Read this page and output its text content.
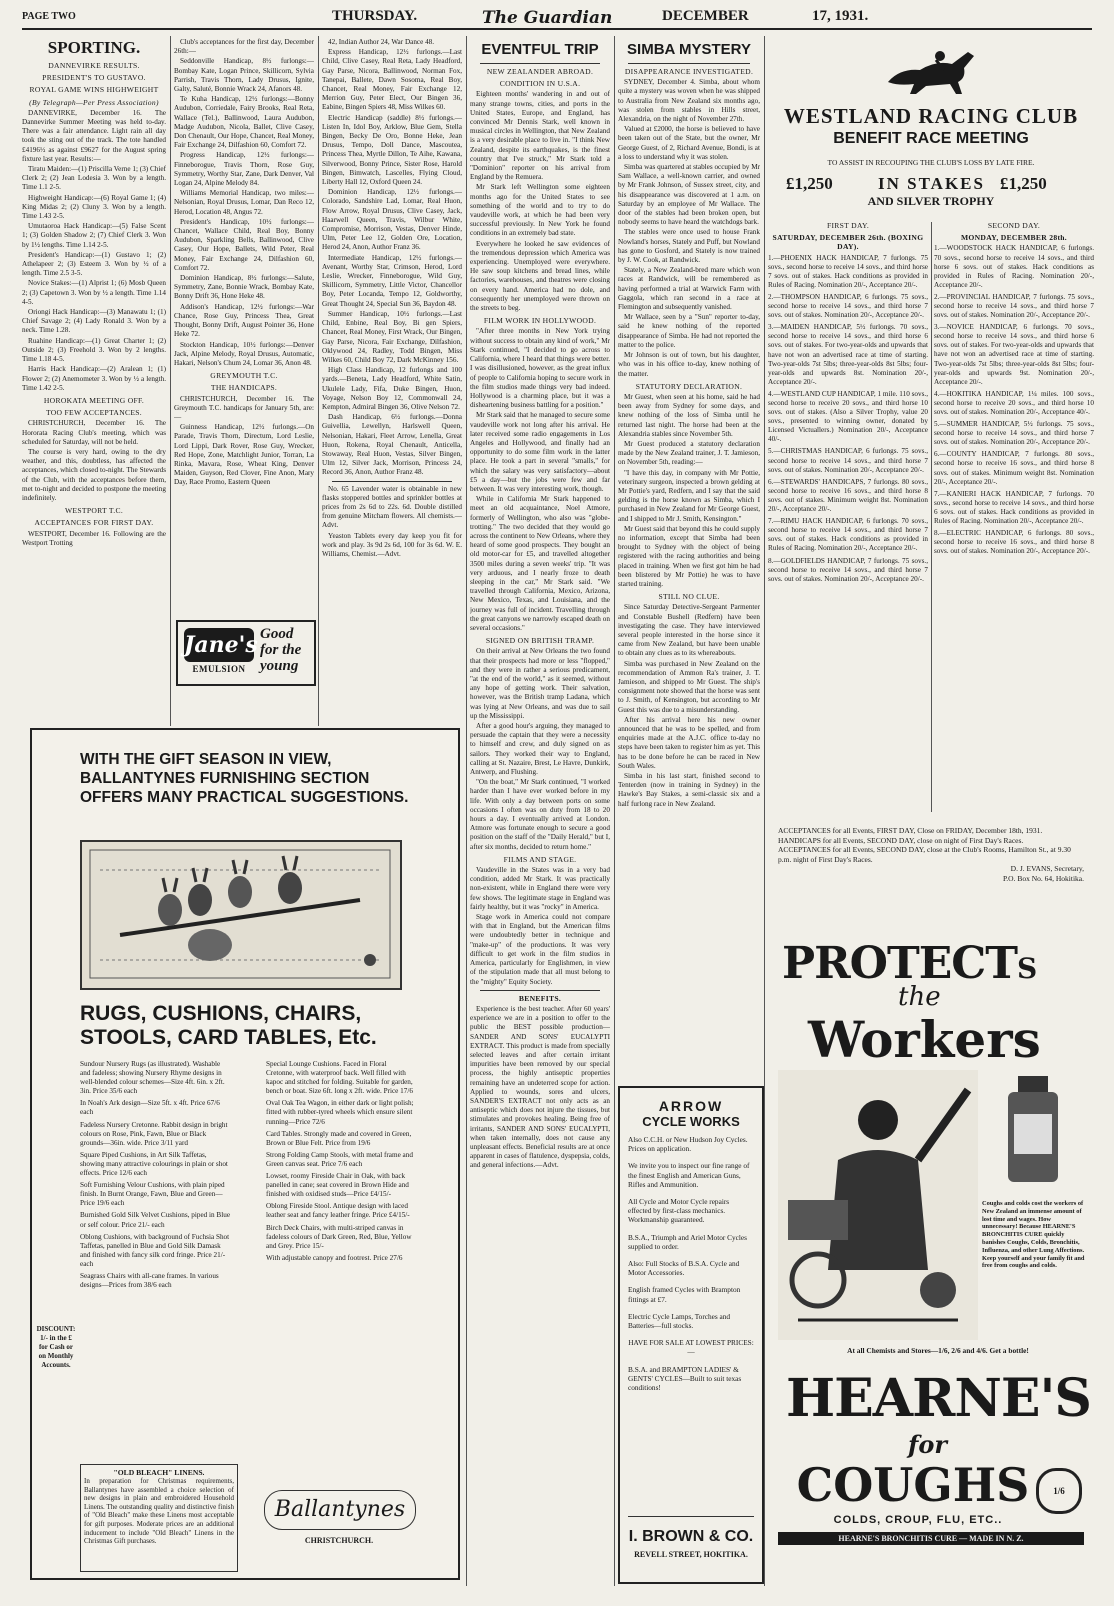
PAGE TWO	THURSDAY.	The Guardian	DECEMBER	17, 1931.
SPORTING.
DANNEVIRKE RESULTS.
PRESIDENT'S TO GUSTAVO.
ROYAL GAME WINS HIGHWEIGHT
(By Telegraph—Per Press Association)

DANNEVIRKE, December 16. The Dannevirke Summer Meeting was held to-day. There was a fair attendance. Light rain all day took the sting out of the track. The tote handled £4196½ as against £9627 for the August spring fixture last year. Results:—

Tiratu Maiden:—(1) Priscilla Verne 1; (3) Chief Clerk 2; (2) Jean Lodesia 3. Won by a length. Time 1.1 2-5.

Highweight Handicap:—(6) Royal Game 1; (4) King Midas 2; (2) Cluny 3. Won by a length. Time 1.43 2-5.

Umutaoroa Hack Handicap:—(5) False Scent 1; (3) Golden Shadow 2; (7) Chief Clerk 3. Won by 1½ lengths. Time 1.14 2-5.

President's Handicap:—(1) Gustavo 1; (2) Athelapeer 2; (3) Esteem 3. Won by ½ of a length. Time 2.5 3-5.

Novice Stakes:—(1) Alprist 1; (6) Mosb Queen 2; (3) Capetown 3. Won by ½ a length. Time 1.14 4-5.

Oriongi Hack Handicap:—(3) Manawatu 1; (1) Chief Savage 2; (4) Lady Ronald 3. Won by a neck. Time 1.28.

Ruahine Handicap:—(1) Great Charter 1; (2) Outside 2; (3) Freehold 3. Won by 2 lengths. Time 1.18 4-5.

Harris Hack Handicap:—(2) Aralean 1; (1) Flower 2; (2) Anemometer 3. Won by ½ a length. Time 1.42 2-5.

HOROKATA MEETING OFF.
TOO FEW ACCEPTANCES.

CHRISTCHURCH, December 16. The Hororata Racing Club's meeting, which was scheduled for Saturday, will not be held.

The course is very hard, owing to the dry weather, and this, doubtless, has affected the acceptances, which closed to-night. The Stewards of the Club, with the acceptances before them, met to-night and decided to postpone the meeting indefinitely.

WESTPORT T.C.
ACCEPTANCES FOR FIRST DAY.

WESTPORT, December 16. Following are the Westport Trotting

Club's acceptances for the first day, December 26th:—

Seddonville Handicap, 8½ furlongs:—Bombay Kate, Logan Prince, Skillicorn, Sylvia Parrish, Travis Thorn, Lady Drusus, Ignite, Galty, Saluté, Bonnie Wrack 24, Afanors 48.

Te Kuha Handicap, 12½ furlongs:—Bonny Audubon, Corriedale, Fairy Brooks, Real Reta, Wallace (Tel.), Ballinwood, Laura Audubon, Madge Audubon, Nicola, Ballet, Clive Casey, Don Chenault, Our Hope, Chancet, Real Money, Fair Exchange 24, Dilfashion 60, Comfort 72.

Progress Handicap, 12½ furlongs:—Finneborogue, Travis Thorn, Rose Guy, Symmetry, Worthy Star, Zane, Dark Denver, Val Logan 24, Alpine Melody 84.

Williams Memorial Handicap, two miles:—Nelsonian, Royal Drusus, Lomar, Dan Reco 12, Herod, Location 48, Angus 72.

President's Handicap, 10½ furlongs:—Chancet, Wallace Child, Real Boy, Bonny Audubon, Sparkling Bells, Ballinwood, Clive Casey, Our Hope, Ballets, Wild Peter, Real Money, Fair Exchange 24, Dilfashion 60, Comfort 72.

Dominion Handicap, 8½ furlongs:—Salute, Symmetry, Zane, Bonnie Wrack, Bombay Kate, Bonny Drift 36, Hone Heke 48.

Addison's Handicap, 12½ furlongs:—War Chance, Rose Guy, Princess Thea, Great Thought, Bonny Drift, August Pointer 36, Hone Heke 72.

Stockton Handicap, 10½ furlongs:—Denver Jack, Alpine Melody, Royal Drusus, Automatic, Hakari, Nelson's Chum 24, Lomar 36, Anon 48.

GREYMOUTH T.C.
THE HANDICAPS.

CHRISTCHURCH, December 16. The Greymouth T.C. handicaps for January 5th, are:—

Guinness Handicap, 12½ furlongs.—On Parade, Travis Thorn, Directum, Lord Leslie, Lord Lippi, Dark Rover, Rose Guy, Wrecker, Red Hope, Zone, Matchlight Junior, Torran, La Rinka, Mavara, Rose, Wheat King, Denver Maiden, Guyson, Red Clover, Fine Anon, Mary Day, Race Promo, Eastern Queen

Jane's
EMULSION
Good
for the
young

42, Indian Author 24, War Dance 48.

Express Handicap, 12½ furlongs.—Last Child, Clive Casey, Real Reta, Lady Headford, Gay Parse, Nicora, Ballinwood, Norman Fox, Tanepai, Ballete, Dawn Sosoma, Real Boy, Chancet, Real Money, Fair Exchange 12, Merrion Guy, Peter Elect, Our Bingen 36, Eabine, Bingen Spiers 48, Miss Wilkes 60.

Electric Handicap (saddle) 8½ furlongs.—Listen In, Idol Boy, Arklow, Blue Gem, Stella Bingen, Becky De Oro, Bonne Heke, Jean Drusus, Tempo, Doll Dance, Mascoutea, Princess Thea, Myrtle Dillon, Te Aihe, Kawana, Silverwood, Bonny Prince, Sister Rose, Harold Bingen, Bimwatch, Lascelles, Flying Cloud, Liberty Hall 12, Oxford Queen 24.

Dominion Handicap, 12½ furlongs.—Colorado, Sandshire Lad, Lomar, Real Huon, Flow Arrow, Royal Drusus, Clive Casey, Jack, Haarwell Queen, Travis, Wilbur White, Compromise, Morrison, Vestas, Denver Hinde, Ulm, Peter Lee 12, Golden Ore, Location, Herod 24, Anon, Author Franz 36.

Intermediate Handicap, 12½ furlongs.—Avenant, Worthy Star, Crimson, Herod, Lord Leslie, Wrecker, Finneborogue, Wild Guy, Skillicorn, Symmetry, Little Victor, Chancellor Boy, Peter Locanda, Tempo 12, Goldworthy, Great Thought 24, Special Sun 36, Baydon 48.

Summer Handicap, 10½ furlongs.—Last Child, Enbine, Real Boy, Bi gen Spiers, Chancet, Real Money, First Wrack, Our Bingen, Gay Parse, Nicora, Fair Exchange, Dilfashion, Oklywood 24, Radley, Todd Bingen, Miss Wilkes 60, Child Boy 72, Dark McKinney 156.

High Class Handicap, 12 furlongs and 100 yards.—Beneta, Lady Headford, White Satin, Ukulele Lady, Fifa, Duke Bingen, Huon, Voyage, Nelson Boy 12, Commonwall 24, Kempton, Admiral Bingen 36, Olive Nelson 72.

Dash Handicap, 6½ furlongs.—Donna Guivellia, Lewellyn, Harlswell Queen, Nelsonian, Hakari, Fleet Arrow, Lenella, Great Huon, Rokena, Royal Chenault, Anticella, Stowaway, Real Huon, Vestas, Silver Bingen, Ulm 12, Silver Jack, Morrison, Princess 24, Record 36, Anon, Author Franz 48.

No. 65 Lavender water is obtainable in new flasks stoppered bottles and sprinkler bottles at prices from 2s 6d to 22s. 6d. Double distilled from genuine Mitcham flowers. All chemists.—Advt.

Yeaston Tablets every day keep you fit for work and play. 3s 9d 2s 6d, 100 for 3s 6d. W. E. Williams, Chemist.—Advt.

WITH THE GIFT SEASON IN VIEW, BALLANTYNES FURNISHING SECTION OFFERS MANY PRACTICAL SUGGESTIONS.
RUGS, CUSHIONS, CHAIRS, STOOLS, CARD TABLES, Etc.
Sundour Nursery Rugs (as illustrated). Washable and fadeless; showing Nursery Rhyme designs in well-blended colour schemes—Size 4ft. 6in. x 2ft. 3in. Price 35/6 each
In Noah's Ark design—Size 5ft. x 4ft. Price 67/6 each
Fadeless Nursery Cretonne. Rabbit design in bright colours on Rose, Pink, Fawn, Blue or Black grounds—36in. wide. Price 3/11 yard
Square Piped Cushions, in Art Silk Taffetas, showing many attractive colourings in plain or shot effects. Price 12/6 each
Soft Furnishing Velour Cushions, with plain piped finish. In Burnt Orange, Fawn, Blue and Green—Price 19/6 each
Burnished Gold Silk Velvet Cushions, piped in Blue or self colour. Price 21/- each
Oblong Cushions, with background of Fuchsia Shot Taffetas, panelled in Blue and Gold Silk Damask and finished with fancy silk cord fringe. Price 21/- each
Seagrass Chairs with all-cane frames. In various designs—Prices from 38/6 each
DISCOUNT: 1/- in the £ for Cash or on Monthly Accounts.
Special Lounge Cushions. Faced in Floral Cretonne, with waterproof back. Well filled with kapoc and stitched for folding. Suitable for garden, bench or boat. Size 6ft. long x 2ft. wide. Price 17/6
Oval Oak Tea Wagon, in either dark or light polish; fitted with rubber-tyred wheels which ensure silent running—Price 72/6
Card Tables. Strongly made and covered in Green, Brown or Blue Felt. Price from 19/6
Strong Folding Camp Stools, with metal frame and Green canvas seat. Price 7/6 each
Lowset, roomy Fireside Chair in Oak, with back panelled in cane; seat covered in Brown Hide and finished with oxidised studs—Price £4/15/-
Oblong Fireside Stool. Antique design with laced leather seat and fancy leather fringe. Price £4/15/-
Birch Deck Chairs, with multi-striped canvas in fadeless colours of Dark Green, Red, Blue, Yellow and Grey. Price 15/-
With adjustable canopy and footrest. Price 27/6
"OLD BLEACH" LINENS.
In preparation for Christmas requirements, Ballantynes have assembled a choice selection of new designs in plain and embroidered Household Linens. The outstanding quality and distinctive finish of "Old Bleach" make these Linens most acceptable for gift purposes. Moderate prices are an additional inducement to include "Old Bleach" Linens in the Christmas Gift purchases.
Ballantynes
CHRISTCHURCH.
EVENTFUL TRIP
NEW ZEALANDER ABROAD.
CONDITION IN U.S.A.

Eighteen months' wandering in and out of many strange towns, cities, and ports in the United States, Europe, and England, has convinced Mr Dennis Stark, well known in musical circles in Wellington, that New Zealand is a very desirable place to live in. "I think New Zealand, despite its earthquakes, is the finest country that I've struck," Mr Stark told a "Dominion" reporter on his arrival from England by the Remuera.

Mr Stark left Wellington some eighteen months ago for the United States to see something of the world and to try to do vaudeville work, at which he had been very successful previously. In New York he found conditions in an extremely bad state.

Everywhere he looked he saw evidences of the tremendous depression which America was experiencing. Unemployed were everywhere. He saw soup kitchens and bread lines, while factories, warehouses, and theatres were closing on every hand. America had no dole, and consequently her unemployed were thrown on the streets to beg.

FILM WORK IN HOLLYWOOD.

"After three months in New York trying without success to obtain any kind of work," Mr Stark continued, "I decided to go across to California, where I heard that things were better. I was disillusioned, however, as the great influx of people to California hoping to secure work in the film studios made things very bad indeed. Hollywood is a charming place, but it was a disheartening business battling for a position."

Mr Stark said that he managed to secure some vaudeville work not long after his arrival. He later received some radio engagements in Los Angeles and Hollywood, and finally had an opportunity to do some film work in the latter place. He took a part in several "smalls," for which the salary was very satisfactory—about £5 a day—but the jobs were few and far between. It was very interesting work, though.

While in California Mr Stark happened to meet an old acquaintance, Noel Atmore, formerly of Wellington, who also was "globe-trotting." The two decided that they would go across the continent to New Orleans, where they heard of some good prospects. They bought an old motor-car for £5, and travelled altogether 3500 miles during a seven weeks' trip. "It was very arduous, and I nearly froze to death sleeping in the car," Mr Stark said. "We travelled through California, Mexico, Arizona, New Mexico, Texas, and Louisiana, and the journey was full of incident. Travelling through the great canyons we narrowly escaped death on several occasions."

SIGNED ON BRITISH TRAMP.

On their arrival at New Orleans the two found that their prospects had more or less "flopped," and they were in rather a serious predicament, "at the end of the world," as it seemed, without any hope of getting work. Their salvation, however, was the British tramp Ladana, which was lying at New Orleans, and was due to sail up the Mississippi.

After a good hour's arguing, they managed to persuade the captain that they were a necessity to himself and crew, and duly signed on as sailors. They worked their way to England, calling at St. Nazaire, Brest, Le Havre, Dunkirk, Antwerp, and Flushing.

"On the boat," Mr Stark continued, "I worked harder than I have ever worked before in my life. With only a day between ports on some occasions I often was on duty from 18 to 20 hours a day. I eventually arrived at London. Atmore was fortunate enough to secure a good position on the staff of the "Daily Herald," but I, after six months, decided to return home."

FILMS AND STAGE.

Vaudeville in the States was in a very bad condition, added Mr Stark. It was practically non-existent, while in England there were very few shows. The legitimate stage in England was fairly healthy, but it was "rocky" in America.

Stage work in America could not compare with that in England, but the American films were undoubtedly better in technique and "make-up" of the productions. It was very difficult to get work in the film studios in America, particularly for Englishmen, in view of the stipulation made that all must belong to the "mighty" Equity Society.

BENEFITS.

Experience is the best teacher. After 60 years' experience we are in a position to offer to the public the BEST possible production—SANDER AND SONS' EUCALYPTI EXTRACT. This product is made from specially selected leaves and after certain irritant impurities have been removed by our special process, the highly antiseptic properties remaining have an undeterred scope for action. Applied to wounds, sores and ulcers, SANDER'S EXTRACT not only acts as an antiseptic which does not injure the tissues, but stimulates and provokes healing. Being free of irritants, SANDER AND SONS' EUCALYPTI, when taken internally, does not cause any unpleasant effects. Beneficial results are at once apparent in cases of flatulence, dyspepsia, colds, and general infections.—Advt.

SIMBA MYSTERY
DISAPPEARANCE INVESTIGATED.

SYDNEY, December 4. Simba, about whom quite a mystery was woven when he was shipped to Australia from New Zealand six months ago, was stolen from stables in Hills street, Alexandria, on the night of November 27th.

Valued at £2000, the horse is believed to have been taken out of the State, but the owner, Mr George Guest, of 2, Richard Avenue, Bondi, is at a loss to understand why it was stolen.

Simba was quartered at stables occupied by Mr Sam Wallace, a well-known carrier, and owned by Mr Frank Johnson, of Sussex street, city, and his disappearance was discovered at 1 a.m. on Saturday by an employee of Mr Wallace. The door of the stables had been broken open, but nobody seems to have heard the watchdogs bark.

The stables were once used to house Frank Nowland's horses, Stately and Puff, but Nowland has gone to Gosford, and Stately is now trained by J. W. Cook, at Randwick.

Stately, a New Zealand-bred mare which won races at Randwick, will be remembered as having performed a trial at Warwick Farm with Gaggola, which ran second in a race at Flemington and subsequently vanished.

Mr Wallace, seen by a "Sun" reporter to-day, said he knew nothing of the reported disappearance of Simba. He had not reported the matter to the police.

Mr Johnson is out of town, but his daughter, who was in his office to-day, knew nothing of the matter.

STATUTORY DECLARATION.

Mr Guest, when seen at his home, said he had been away from Sydney for some days, and knew nothing of the loss of Simba until he returned last night. The horse had been at the Alexandria stables since November 5th.

Mr Guest produced a statutory declaration made by the New Zealand trainer, J. T. Jamieson, on November 5th, reading:—

"I have this day, in company with Mr Pottie, veterinary surgeon, inspected a brown gelding at Mr Pottie's yard, Redfern, and I say that the said gelding is the horse known as Simba, which I purchased in New Zealand for Mr George Guest, and I shipped to Mr J. Smith, Kensington."

Mr Guest said that beyond this he could supply no information, except that Simba had been brought to Sydney with the object of being registered with the racing authorities and being placed in training. When we first got him he had been blistered by Mr Pottie) he was to have started training.

STILL NO CLUE.

Since Saturday Detective-Sergeant Parmenter and Constable Bushell (Redfern) have been investigating the case. They have interviewed several people interested in the horse since it came from New Zealand, but have been unable to obtain any clues as to its whereabouts.

Simba was purchased in New Zealand on the recommendation of Ammon Ra's trainer, J. T. Jamieson, and shipped to Mr Guest. The ship's consignment note showed that the horse was sent to J. Smith, of Kensington, but according to Mr Guest this was due to a misunderstanding.

After his arrival here his new owner announced that he was to be spelled, and from enquiries made at the A.J.C. office to-day no steps have been taken to register him as yet. This has to be done before he can be raced in New South Wales.

Simba in his last start, finished second to Tenterden (now in training in Sydney) in the Hawke's Bay Stakes, a semi-classic six and a half furlong race in New Zealand.

ARROW
CYCLE WORKS

Also C.C.H. or New Hudson Joy Cycles. Prices on application.

We invite you to inspect our fine range of the finest English and American Guns, Rifles and Ammunition.

All Cycle and Motor Cycle repairs effected by first-class mechanics. Workmanship guaranteed.

B.S.A., Triumph and Ariel Motor Cycles supplied to order.

Also: Full Stocks of B.S.A. Cycle and Motor Accessories.

English framed Cycles with Brampton fittings at £7.

Electric Cycle Lamps, Torches and Batteries—full stocks.

HAVE FOR SALE AT LOWEST PRICES:—

B.S.A. and BRAMPTON LADIES' & GENTS' CYCLES—Built to suit texas conditions!

I. BROWN & CO.
REVELL STREET, HOKITIKA.
WESTLAND RACING CLUB
BENEFIT RACE MEETING
TO ASSIST IN RECOUPING THE CLUB'S LOSS BY LATE FIRE.
£1,250	IN STAKES £1,250
AND SILVER TROPHY
FIRST DAY.
SATURDAY, DECEMBER 26th. (BOXING DAY).
1.—PHOENIX HACK HANDICAP, 7 furlongs. 75 sovs., second horse to receive 14 sovs., and third horse 7 sovs. out of stakes. Hack conditions as provided in Rules of Racing. Nomination 20/-, Acceptance 20/-.
2.—THOMPSON HANDICAP, 6 furlongs. 75 sovs., second horse to receive 14 sovs., and third horse 7 sovs. out of stakes. Nomination 20/-, Acceptance 20/-.
3.—MAIDEN HANDICAP, 5½ furlongs. 70 sovs., second horse to receive 14 sovs., and third horse 6 sovs. out of stakes. For two-year-olds and upwards that have not won an advertised race at time of starting. Two-year-olds 7st 5lbs; three-year-olds 8st 5lbs; four-year-olds and upwards 8st. Nomination 20/-, Acceptance 20/-.
4.—WESTLAND CUP HANDICAP, 1 mile. 110 sovs., second horse to receive 20 sovs., and third horse 10 sovs. out of stakes. (Also a Silver Trophy, value 20 sovs., presented to winning owner, donated by Licensed Victuallers.) Nomination 20/-, Acceptance 40/-.
5.—CHRISTMAS HANDICAP, 6 furlongs. 75 sovs., second horse to receive 14 sovs., and third horse 7 sovs. out of stakes. Nomination 20/-, Acceptance 20/-.
6.—STEWARDS' HANDICAPS, 7 furlongs. 80 sovs., second horse to receive 16 sovs., and third horse 8 sovs. out of stakes. Minimum weight 8st. Nomination 20/-, Acceptance 20/-.
7.—RIMU HACK HANDICAP, 6 furlongs. 70 sovs., second horse to receive 14 sovs., and third horse 7 sovs. out of stakes. Hack conditions as provided in Rules of Racing. Nomination 20/-, Acceptance 20/-.
8.—GOLDFIELDS HANDICAP, 7 furlongs. 75 sovs., second horse to receive 14 sovs., and third horse 7 sovs. out of stakes. Nomination 20/-, Acceptance 20/-.
SECOND DAY.
MONDAY, DECEMBER 28th.
1.—WOODSTOCK HACK HANDICAP, 6 furlongs. 70 sovs., second horse to receive 14 sovs., and third horse 6 sovs. out of stakes. Hack conditions as provided in Rules of Racing. Nomination 20/-, Acceptance 20/-.
2.—PROVINCIAL HANDICAP, 7 furlongs. 75 sovs., second horse to receive 14 sovs., and third horse 7 sovs. out of stakes. Nomination 20/-, Acceptance 20/-.
3.—NOVICE HANDICAP, 6 furlongs. 70 sovs., second horse to receive 14 sovs., and third horse 6 sovs. out of stakes. For two-year-olds and upwards that have not won an advertised race at time of starting. Two-year-olds 7st 5lbs; three-year-olds 8st 5lbs; four-year-olds and upwards 9st. Nomination 20/-, Acceptance 20/-.
4.—HOKITIKA HANDICAP, 1¼ miles. 100 sovs., second horse to receive 20 sovs., and third horse 10 sovs. out of stakes. Nomination 20/-, Acceptance 40/-.
5.—SUMMER HANDICAP, 5½ furlongs. 75 sovs., second horse to receive 14 sovs., and third horse 7 sovs. out of stakes. Nomination 20/-, Acceptance 20/-.
6.—COUNTY HANDICAP, 7 furlongs. 80 sovs., second horse to receive 16 sovs., and third horse 8 sovs. out of stakes. Minimum weight 8st. Nomination 20/-, Acceptance 20/-.
7.—KANIERI HACK HANDICAP, 7 furlongs. 70 sovs., second horse to receive 14 sovs., and third horse 6 sovs. out of stakes. Hack conditions as provided in Rules of Racing. Nomination 20/-, Acceptance 20/-.
8.—ELECTRIC HANDICAP, 6 furlongs. 80 sovs., second horse to receive 16 sovs., and third horse 8 sovs. out of stakes. Nomination 20/-, Acceptance 20/-.
ACCEPTANCES for all Events, FIRST DAY, Close on FRIDAY, December 18th, 1931.
HANDICAPS for all Events, SECOND DAY, close on night of First Day's Races.
ACCEPTANCES for all Events, SECOND DAY, close at the Club's Rooms, Hamilton St., at 9.30 p.m. night of First Day's Races.
D. J. EVANS, Secretary,
P.O. Box No. 64, Hokitika.
PROTECTS
the
Workers
Coughs and colds cost the workers of New Zealand an immense amount of lost time and wages. How unnecessary! Because HEARNE'S BRONCHITIS CURE quickly banishes Coughs, Colds, Bronchitis, Influenza, and other Lung Affections. Keep yourself and your family fit and free from coughs and colds.
At all Chemists and Stores—1/6, 2/6 and 4/6. Get a bottle!
HEARNE'S
for
COUGHS	1/6
COLDS, CROUP, FLU, ETC..
HEARNE'S BRONCHITIS CURE — MADE IN N. Z.
